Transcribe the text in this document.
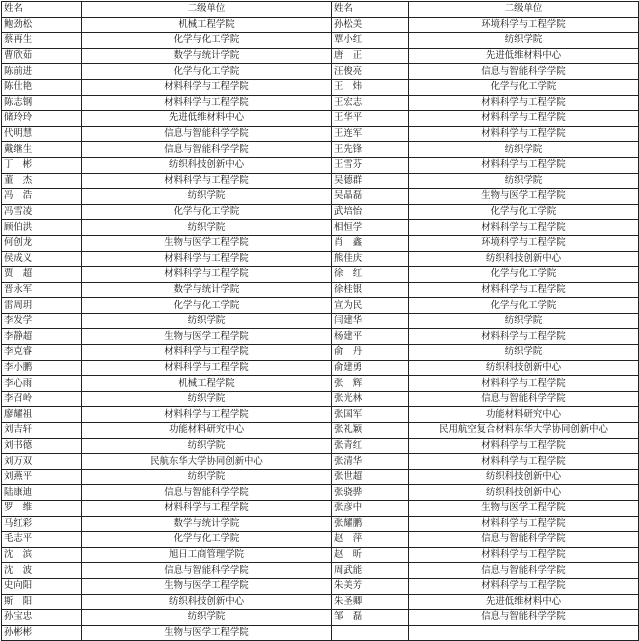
姓名	二级单位	姓名	二级单位
鲍劲松	机械工程学院	孙松美	环境科学与工程学院
蔡再生	化学与化工学院	覃小红	纺织学院
曹欣茹	数学与统计学院	唐　正	先进低维材料中心
陈前进	化学与化工学院	汪俊亮	信息与智能科学学院
陈仕艳	材料科学与工程学院	王　炜	化学与化工学院
陈志钢	材料科学与工程学院	王宏志	材料科学与工程学院
储玲玲	先进低维材料中心	王华平	材料科学与工程学院
代明慧	信息与智能科学学院	王连军	材料科学与工程学院
戴继生	信息与智能科学学院	王先锋	纺织学院
丁　彬	纺织科技创新中心	王雪芬	材料科学与工程学院
董　杰	材料科学与工程学院	吴德群	纺织学院
冯　浩	纺织学院	吴晶磊	生物与医学工程学院
冯雪凌	化学与化工学院	武培怡	化学与化工学院
顾伯洪	纺织学院	相恒学	材料科学与工程学院
何创龙	生物与医学工程学院	肖　鑫	环境科学与工程学院
侯成义	材料科学与工程学院	熊佳庆	纺织科技创新中心
贾　超	材料科学与工程学院	徐　红	化学与化工学院
晋永军	数学与统计学院	徐桂银	材料科学与工程学院
雷周玥	化学与化工学院	宣为民	化学与化工学院
李发学	纺织学院	闫建华	纺织学院
李静超	生物与医学工程学院	杨建平	材料科学与工程学院
李克睿	材料科学与工程学院	俞　丹	纺织学院
李小鹏	材料科学与工程学院	俞建勇	纺织科技创新中心
李心雨	机械工程学院	张　辉	材料科学与工程学院
李召岭	纺织学院	张光林	信息与智能科学学院
廖耀祖	材料科学与工程学院	张国军	功能材料研究中心
刘吉轩	功能材料研究中心	张礼颖	民用航空复合材料东华大学协同创新中心
刘书德	纺织学院	张青红	材料科学与工程学院
刘万双	民航东华大学协同创新中心	张清华	材料科学与工程学院
刘燕平	纺织学院	张世超	纺织科技创新中心
陆康迪	信息与智能科学学院	张骁骅	纺织科技创新中心
罗　维	材料科学与工程学院	张彦中	生物与医学工程学院
马红彩	数学与统计学院	张耀鹏	材料科学与工程学院
毛志平	化学与化工学院	赵　萍	信息与智能科学学院
沈　滨	旭日工商管理学院	赵　昕	材料科学与工程学院
沈　波	信息与智能科学学院	周武能	信息与智能科学学院
史向阳	生物与医学工程学院	朱美芳	材料科学与工程学院
斯　阳	纺织科技创新中心	朱圣卿	先进低维材料中心
孙宝忠	纺织学院	邹　磊	信息与智能科学学院
孙彬彬	生物与医学工程学院		
